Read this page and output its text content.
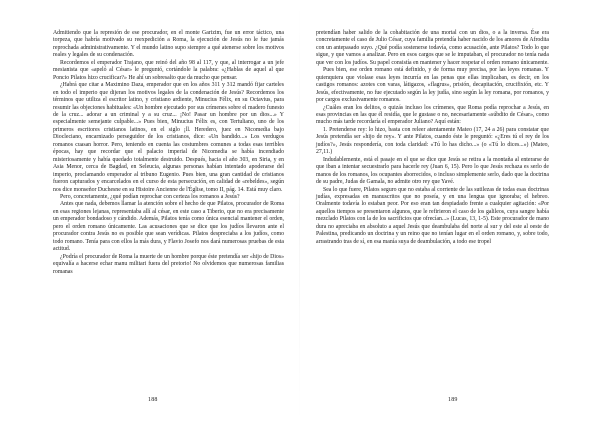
Admitiendo que la represión de ese procurador, en el monte Garizim, fue un error táctico, una torpeza, que habría motivado su reexpedición a Roma, la ejecución de Jesús no le fue jamás reprochada administrativamente. Y el mundo latino supo siempre a qué atenerse sobre los motivos reales y legales de su condenación.

Recordemos el emperador Trajano, que reinó del año 98 al 117, y que, al interrogar a un jefe mesianista que «apeló al César» le preguntó, cortándole la palabra: «¿Hablas de aquel al que Poncio Pilatos hizo crucificar?» He ahí un sobresalto que da mucho que pensar.

¿Habrá que citar a Maximino Daza, emperador que en los años 311 y 312 mandó fijar carteles en todo el imperio que dijeran los motivos legales de la condenación de Jesús? Recordemos los términos que utiliza el escritor latino, y cristiano ardiente, Minucius Félix, en su Octavius, para resumir las objeciones habituales: «Un hombre ejecutado por sus crímenes sobre el madero funesto de la cruz... adorar a un criminal y a su cruz... ¡No! Pasar un hombre por un dios...» Y especialmente semejante culpable...» Pues bien, Minucius Félix es, con Tertuliano, uno de los primeros escritores cristianos latinos, en el siglo ¡ll. Heredero, juez en Nicomedia bajo Diocleciano, encarnizado perseguidor de los cristianos, dice: «Un bandido...» Los verdugos romanos cuasan horror. Pero, teniendo en cuenta las costumbres comunes a todas esas terribles épocas, hay que recordar que el palacio imperial de Nicomedia se había incendiado misteriosamente y había quedado totalmente destruido. Después, hacia el año 303, en Siria, y en Asia Menor, cerca de Bagdad, en Seleucia, algunas personas habían intentado apoderarse del imperio, proclamando emperador al tribuno Eugenio. Pues bien, una gran cantidad de cristianos fueron capturados y encarcelados en el curso de esta persecución, en calidad de «rebeldes», según nos dice monseñor Duchesne en su Histoire Ancienne de l'Église, tomo II, pág. 14. Está muy claro.

Pero, concretamente, ¿qué podían reprochar con certeza los romanos a Jesús?

Antes que nada, debemos llamar la atención sobre el hecho de que Pilatos, procurador de Roma en esas regiones lejanas, representaba allí al césar, en este caso a Tiberio, que no era precisamente un emperador bondadoso y cándido. Además, Pilatos tenía como única esencial mantener el orden, pero el orden romano únicamente. Las acusaciones que se dice que los judíos llevaron ante el procurador contra Jesús no es posible que sean verídicas. Pilatos despreciaba a los judíos, como todo romano. Tenía para con ellos la más dura, y Flavio Josefo nos dará numerosas pruebas de esta actitud.

¿Podría el procurador de Roma la muerte de un hombre porque éste pretendía ser «hijo de Dios» equivalía a hacerse echar manu militari fuera del pretorio! No olvidemos que numerosas familias romanas

188

pretendían haber salido de la cohabitación de una mortal con un dios, o a la inversa. Ése era concretamente el caso de Julio César, cuya familia pretendía haber nacido de los amores de Afrodita con un antepasado suyo. ¿Qué podía sostenerse todavía, como acusación, ante Pilatos? Todo lo que sigue, y que vamos a analizar. Pero en esos cargos que se le imputaban, el procurador no tenía nada que ver con los judíos. Su papel consistía en mantener y hacer respetar el orden romano únicamente.

Pues bien, ese orden romano está definido, y de forma muy precisa, por las leyes romanas. Y quienquiera que violase esas leyes incurría en las penas que ellas implicaban, es decir, en los castigos romanos: azotes con varas, látigazos, «flagrus», prisión, decapitación, crucifixión, etc. Y Jesús, efectivamente, no fue ejecutado según la ley judía, sino según la ley romana, por romanos, y por cargos exclusivamente romanos.

¿Cuáles eran los delitos, o quizás incluso los crímenes, que Roma podía reprochar a Jesús, en esas provincias en las que él residía, que le gustase o no, necesariamente «súbdito de César», como mucho más tarde recordaría el emperador Juliano? Aquí están:

1. Pretenderse rey: lo hizo, basta con releer atentamente Mateo (17, 24 a 26) para constatar que Jesús pretendía ser «hijo de rey». Y ante Pilatos, cuando éste le preguntó: «¿Eres tú el rey de los judíos?», Jesús respondería, con toda claridad: «Tú lo has dicho...» (o «Tú lo dices...») (Mateo, 27,11.)

Indudablemente, está el pasaje en el que se dice que Jesús se retira a la montaña al enterarse de que iban a intentar secuestrarlo para hacerle rey (Juan 6, 15). Pero lo que Jesús rechaza es serlo de manos de los romanos, los ocupantes aborrecidos, o incluso simplemente serlo, dado que la doctrina de su padre, Judas de Gamala, no admite otro rey que Yavé.

Sea lo que fuere, Pilatos seguro que no estaba al corriente de las sutilezas de todas esas doctrinas judías, expresadas en manuscritos que no poseía, y en una lengua que ignoraba; el hebreo. Oralmente todavía lo estaban peor. Por eso eran tan despiadado frente a cualquier agitación: «Por aquellos tiempos se presentaron algunos, que le refirieron el caso de los galileos, cuya sangre había mezclado Pilatos con la de los sacrificios que ofrecían...» (Lucas, 13, 1-5). Este procurador de mano dura no apreciaba en absoluto a aquel Jesús que deambulaba del norte al sur y del este al oeste de Palestina, predicando un doctrina y un reino que no tenían lugar en el orden romano, y, sobre todo, arrastrando tras de sí, en esa manía suya de deambulación, a todo ese tropel

189
